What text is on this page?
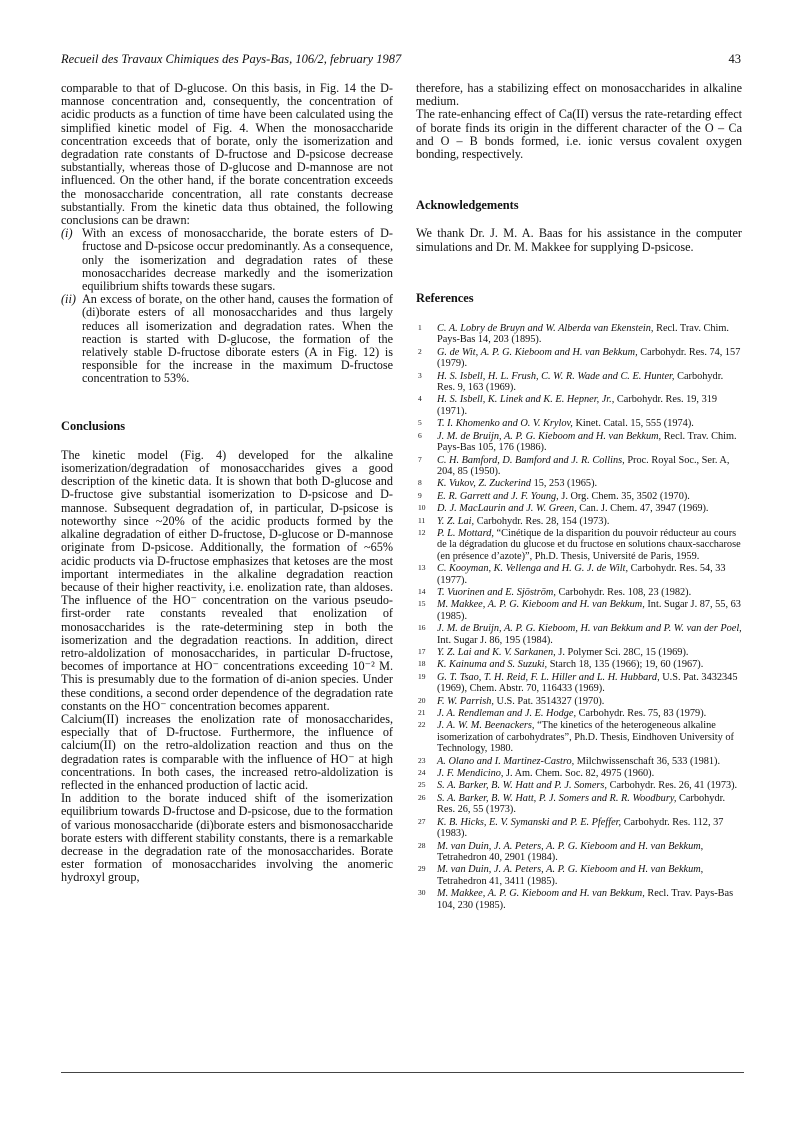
Recueil des Travaux Chimiques des Pays-Bas, 106/2, february 1987	43

comparable to that of D-glucose. On this basis, in Fig. 14 the D-mannose concentration and, consequently, the concentration of acidic products as a function of time have been calculated using the simplified kinetic model of Fig. 4. When the monosaccharide concentration exceeds that of borate, only the isomerization and degradation rate constants of D-fructose and D-psicose decrease substantially, whereas those of D-glucose and D-mannose are not influenced. On the other hand, if the borate concentration exceeds the monosaccharide concentration, all rate constants decrease substantially. From the kinetic data thus obtained, the following conclusions can be drawn:

(i) With an excess of monosaccharide, the borate esters of D-fructose and D-psicose occur predominantly. As a consequence, only the isomerization and degradation rates of these monosaccharides decrease markedly and the isomerization equilibrium shifts towards these sugars.
(ii) An excess of borate, on the other hand, causes the formation of (di)borate esters of all monosaccharides and thus largely reduces all isomerization and degradation rates. When the reaction is started with D-glucose, the formation of the relatively stable D-fructose diborate esters (A in Fig. 12) is responsible for the increase in the maximum D-fructose concentration to 53%.
Conclusions

The kinetic model (Fig. 4) developed for the alkaline isomerization/degradation of monosaccharides gives a good description of the kinetic data. It is shown that both D-glucose and D-fructose give substantial isomerization to D-psicose and D-mannose. Subsequent degradation of, in particular, D-psicose is noteworthy since ~20% of the acidic products formed by the alkaline degradation of either D-fructose, D-glucose or D-mannose originate from D-psicose. Additionally, the formation of ~65% acidic products via D-fructose emphasizes that ketoses are the most important intermediates in the alkaline degradation reaction because of their higher reactivity, i.e. enolization rate, than aldoses. The influence of the HO⁻ concentration on the various pseudo-first-order rate constants revealed that enolization of monosaccharides is the rate-determining step in both the isomerization and the degradation reactions. In addition, direct retro-aldolization of monosaccharides, in particular D-fructose, becomes of importance at HO⁻ concentrations exceeding 10⁻² M. This is presumably due to the formation of di-anion species. Under these conditions, a second order dependence of the degradation rate constants on the HO⁻ concentration becomes apparent.

Calcium(II) increases the enolization rate of monosaccharides, especially that of D-fructose. Furthermore, the influence of calcium(II) on the retro-aldolization reaction and thus on the degradation rates is comparable with the influence of HO⁻ at high concentrations. In both cases, the increased retro-aldolization is reflected in the enhanced production of lactic acid.

In addition to the borate induced shift of the isomerization equilibrium towards D-fructose and D-psicose, due to the formation of various monosaccharide (di)borate esters and bismonosaccharide borate esters with different stability constants, there is a remarkable decrease in the degradation rate of the monosaccharides. Borate ester formation of monosaccharides involving the anomeric hydroxyl group,

therefore, has a stabilizing effect on monosaccharides in alkaline medium.

The rate-enhancing effect of Ca(II) versus the rate-retarding effect of borate finds its origin in the different character of the O – Ca and O – B bonds formed, i.e. ionic versus covalent oxygen bonding, respectively.

Acknowledgements

We thank Dr. J. M. A. Baas for his assistance in the computer simulations and Dr. M. Makkee for supplying D-psicose.

References
1 C. A. Lobry de Bruyn and W. Alberda van Ekenstein, Recl. Trav. Chim. Pays-Bas 14, 203 (1895).
2 G. de Wit, A. P. G. Kieboom and H. van Bekkum, Carbohydr. Res. 74, 157 (1979).
3 H. S. Isbell, H. L. Frush, C. W. R. Wade and C. E. Hunter, Carbohydr. Res. 9, 163 (1969).
4 H. S. Isbell, K. Linek and K. E. Hepner, Jr., Carbohydr. Res. 19, 319 (1971).
5 T. I. Khomenko and O. V. Krylov, Kinet. Catal. 15, 555 (1974).
6 J. M. de Bruijn, A. P. G. Kieboom and H. van Bekkum, Recl. Trav. Chim. Pays-Bas 105, 176 (1986).
7 C. H. Bamford, D. Bamford and J. R. Collins, Proc. Royal Soc., Ser. A, 204, 85 (1950).
8 K. Vukov, Z. Zuckerind 15, 253 (1965).
9 E. R. Garrett and J. F. Young, J. Org. Chem. 35, 3502 (1970).
10 D. J. MacLaurin and J. W. Green, Can. J. Chem. 47, 3947 (1969).
11 Y. Z. Lai, Carbohydr. Res. 28, 154 (1973).
12 P. L. Mottard, “Cinétique de la disparition du pouvoir réducteur au cours de la dégradation du glucose et du fructose en solutions chaux-saccharose (en présence d’azote)”, Ph.D. Thesis, Université de Paris, 1959.
13 C. Kooyman, K. Vellenga and H. G. J. de Wilt, Carbohydr. Res. 54, 33 (1977).
14 T. Vuorinen and E. Sjöström, Carbohydr. Res. 108, 23 (1982).
15 M. Makkee, A. P. G. Kieboom and H. van Bekkum, Int. Sugar J. 87, 55, 63 (1985).
16 J. M. de Bruijn, A. P. G. Kieboom, H. van Bekkum and P. W. van der Poel, Int. Sugar J. 86, 195 (1984).
17 Y. Z. Lai and K. V. Sarkanen, J. Polymer Sci. 28C, 15 (1969).
18 K. Kainuma and S. Suzuki, Starch 18, 135 (1966); 19, 60 (1967).
19 G. T. Tsao, T. H. Reid, F. L. Hiller and L. H. Hubbard, U.S. Pat. 3432345 (1969), Chem. Abstr. 70, 116433 (1969).
20 F. W. Parrish, U.S. Pat. 3514327 (1970).
21 J. A. Rendleman and J. E. Hodge, Carbohydr. Res. 75, 83 (1979).
22 J. A. W. M. Beenackers, “The kinetics of the heterogeneous alkaline isomerization of carbohydrates”, Ph.D. Thesis, Eindhoven University of Technology, 1980.
23 A. Olano and I. Martinez-Castro, Milchwissenschaft 36, 533 (1981).
24 J. F. Mendicino, J. Am. Chem. Soc. 82, 4975 (1960).
25 S. A. Barker, B. W. Hatt and P. J. Somers, Carbohydr. Res. 26, 41 (1973).
26 S. A. Barker, B. W. Hatt, P. J. Somers and R. R. Woodbury, Carbohydr. Res. 26, 55 (1973).
27 K. B. Hicks, E. V. Symanski and P. E. Pfeffer, Carbohydr. Res. 112, 37 (1983).
28 M. van Duin, J. A. Peters, A. P. G. Kieboom and H. van Bekkum, Tetrahedron 40, 2901 (1984).
29 M. van Duin, J. A. Peters, A. P. G. Kieboom and H. van Bekkum, Tetrahedron 41, 3411 (1985).
30 M. Makkee, A. P. G. Kieboom and H. van Bekkum, Recl. Trav. Pays-Bas 104, 230 (1985).
